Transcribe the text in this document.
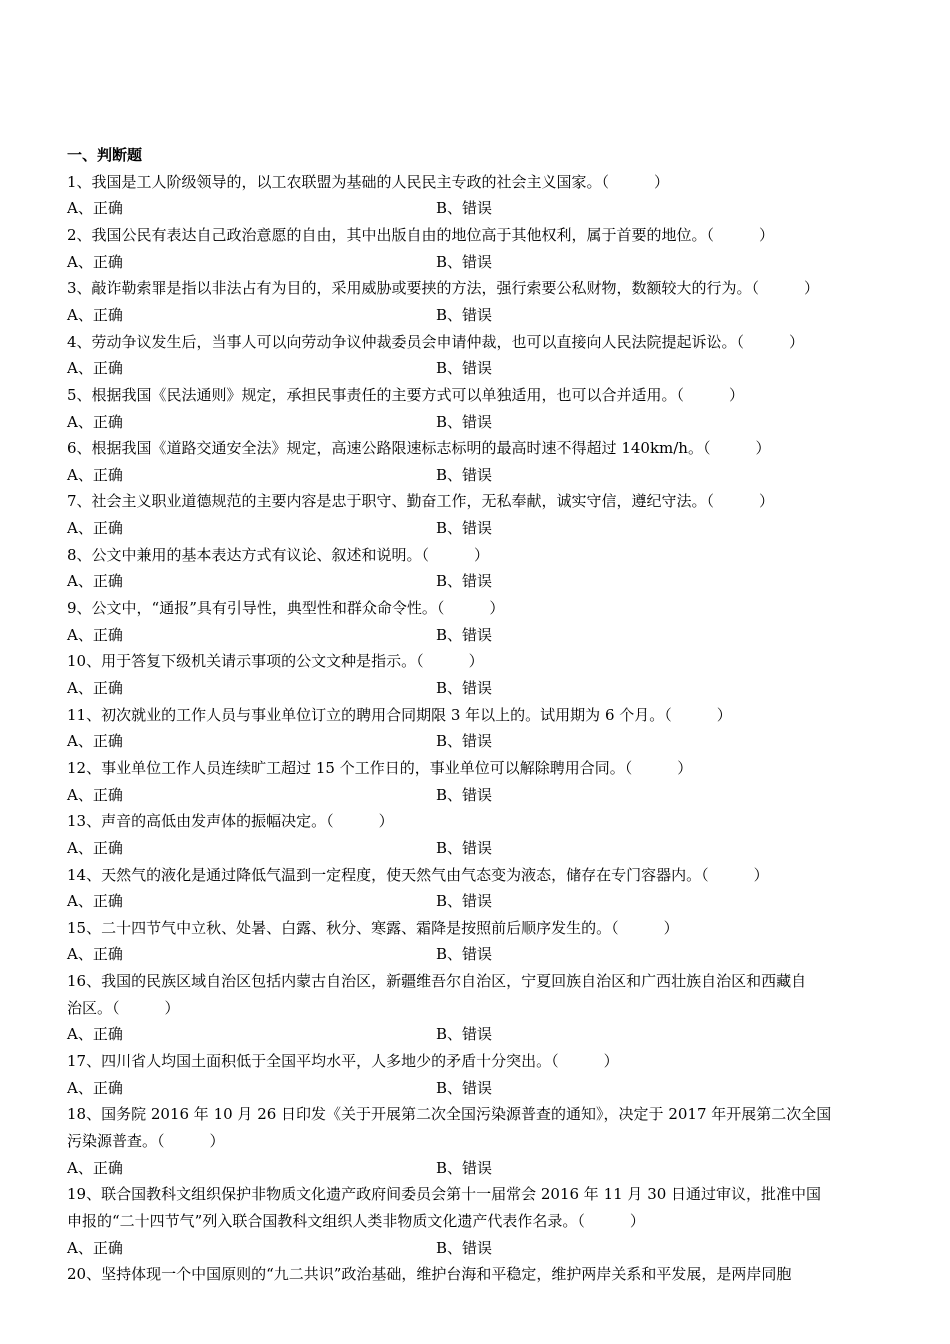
一、判断题
1、我国是工人阶级领导的，以工农联盟为基础的人民民主专政的社会主义国家。（　　　）
A、正确	B、错误
2、我国公民有表达自己政治意愿的自由，其中出版自由的地位高于其他权利，属于首要的地位。（　　　）
A、正确	B、错误
3、敲诈勒索罪是指以非法占有为目的，采用威胁或要挟的方法，强行索要公私财物，数额较大的行为。（　　　）
A、正确	B、错误
4、劳动争议发生后，当事人可以向劳动争议仲裁委员会申请仲裁，也可以直接向人民法院提起诉讼。（　　　）
A、正确	B、错误
5、根据我国《民法通则》规定，承担民事责任的主要方式可以单独适用，也可以合并适用。（　　　）
A、正确	B、错误
6、根据我国《道路交通安全法》规定，高速公路限速标志标明的最高时速不得超过 140km/h。（　　　）
A、正确	B、错误
7、社会主义职业道德规范的主要内容是忠于职守、勤奋工作，无私奉献，诚实守信，遵纪守法。（　　　）
A、正确	B、错误
8、公文中兼用的基本表达方式有议论、叙述和说明。（　　　）
A、正确	B、错误
9、公文中，“通报”具有引导性，典型性和群众命令性。（　　　）
A、正确	B、错误
10、用于答复下级机关请示事项的公文文种是指示。（　　　）
A、正确	B、错误
11、初次就业的工作人员与事业单位订立的聘用合同期限 3 年以上的。试用期为 6 个月。（　　　）
A、正确	B、错误
12、事业单位工作人员连续旷工超过 15 个工作日的，事业单位可以解除聘用合同。（　　　）
A、正确	B、错误
13、声音的高低由发声体的振幅决定。（　　　）
A、正确	B、错误
14、天然气的液化是通过降低气温到一定程度，使天然气由气态变为液态，储存在专门容器内。（　　　）
A、正确	B、错误
15、二十四节气中立秋、处暑、白露、秋分、寒露、霜降是按照前后顺序发生的。（　　　）
A、正确	B、错误
16、我国的民族区域自治区包括内蒙古自治区，新疆维吾尔自治区，宁夏回族自治区和广西壮族自治区和西藏自
治区。（　　　）
A、正确	B、错误
17、四川省人均国土面积低于全国平均水平，人多地少的矛盾十分突出。（　　　）
A、正确	B、错误
18、国务院 2016 年 10 月 26 日印发《关于开展第二次全国污染源普查的通知》，决定于 2017 年开展第二次全国
污染源普查。（　　　）
A、正确	B、错误
19、联合国教科文组织保护非物质文化遗产政府间委员会第十一届常会 2016 年 11 月 30 日通过审议，批准中国
申报的“二十四节气”列入联合国教科文组织人类非物质文化遗产代表作名录。（　　　）
A、正确	B、错误
20、坚持体现一个中国原则的“九二共识”政治基础，维护台海和平稳定，维护两岸关系和平发展，是两岸同胞
